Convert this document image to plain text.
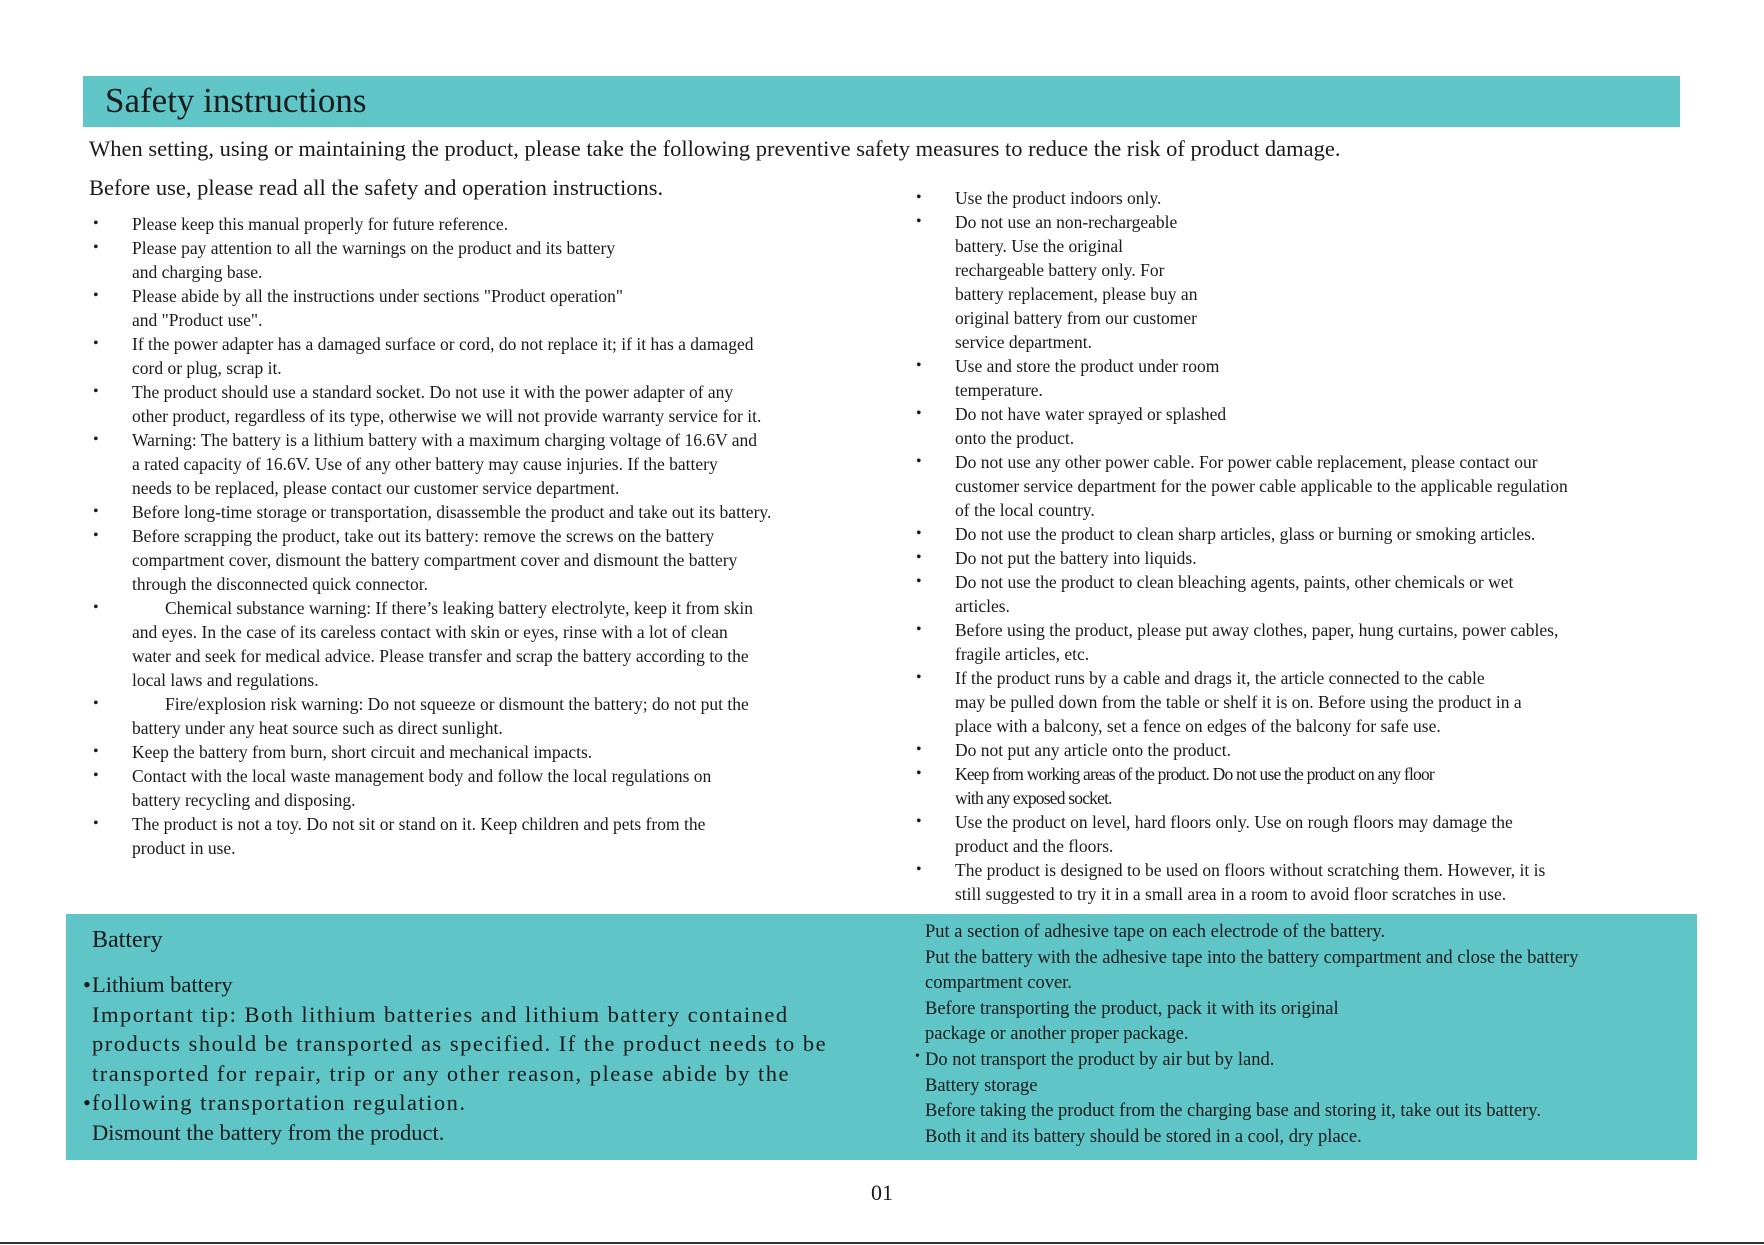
Safety instructions
When setting, using or maintaining the product, please take the following preventive safety measures to reduce the risk of product damage.
Before use, please read all the safety and operation instructions.
• Please keep this manual properly for future reference.
• Please pay attention to all the warnings on the product and its battery
and charging base.
• Please abide by all the instructions under sections "Product operation"
and "Product use".
• If the power adapter has a damaged surface or cord, do not replace it; if it has a damaged
cord or plug, scrap it.
• The product should use a standard socket. Do not use it with the power adapter of any
other product, regardless of its type, otherwise we will not provide warranty service for it.
• Warning: The battery is a lithium battery with a maximum charging voltage of 16.6V and
a rated capacity of 16.6V. Use of any other battery may cause injuries. If the battery
needs to be replaced, please contact our customer service department.
• Before long-time storage or transportation, disassemble the product and take out its battery.
• Before scrapping the product, take out its battery: remove the screws on the battery
compartment cover, dismount the battery compartment cover and dismount the battery
through the disconnected quick connector.
• Chemical substance warning: If there’s leaking battery electrolyte, keep it from skin
and eyes. In the case of its careless contact with skin or eyes, rinse with a lot of clean
water and seek for medical advice. Please transfer and scrap the battery according to the
local laws and regulations.
• Fire/explosion risk warning: Do not squeeze or dismount the battery; do not put the
battery under any heat source such as direct sunlight.
• Keep the battery from burn, short circuit and mechanical impacts.
• Contact with the local waste management body and follow the local regulations on
battery recycling and disposing.
• The product is not a toy. Do not sit or stand on it. Keep children and pets from the
product in use.
• Use the product indoors only.
• Do not use an non-rechargeable
battery. Use the original
rechargeable battery only. For
battery replacement, please buy an
original battery from our customer
service department.
• Use and store the product under room
temperature.
• Do not have water sprayed or splashed
onto the product.
• Do not use any other power cable. For power cable replacement, please contact our
customer service department for the power cable applicable to the applicable regulation
of the local country.
• Do not use the product to clean sharp articles, glass or burning or smoking articles.
• Do not put the battery into liquids.
• Do not use the product to clean bleaching agents, paints, other chemicals or wet
articles.
• Before using the product, please put away clothes, paper, hung curtains, power cables,
fragile articles, etc.
• If the product runs by a cable and drags it, the article connected to the cable
may be pulled down from the table or shelf it is on. Before using the product in a
place with a balcony, set a fence on edges of the balcony for safe use.
• Do not put any article onto the product.
• Keep from working areas of the product. Do not use the product on any floor
with any exposed socket.
• Use the product on level, hard floors only. Use on rough floors may damage the
product and the floors.
• The product is designed to be used on floors without scratching them. However, it is
still suggested to try it in a small area in a room to avoid floor scratches in use.
Battery

• Lithium battery

Important tip: Both lithium batteries and lithium battery contained

products should be transported as specified. If the product needs to be

transported for repair, trip or any other reason, please abide by the

• following transportation regulation.

Dismount the battery from the product.

Put a section of adhesive tape on each electrode of the battery.

Put the battery with the adhesive tape into the battery compartment and close the battery

compartment cover.

Before transporting the product, pack it with its original

package or another proper package.

• Do not transport the product by air but by land.

Battery storage

Before taking the product from the charging base and storing it, take out its battery.

Both it and its battery should be stored in a cool, dry place.

01
